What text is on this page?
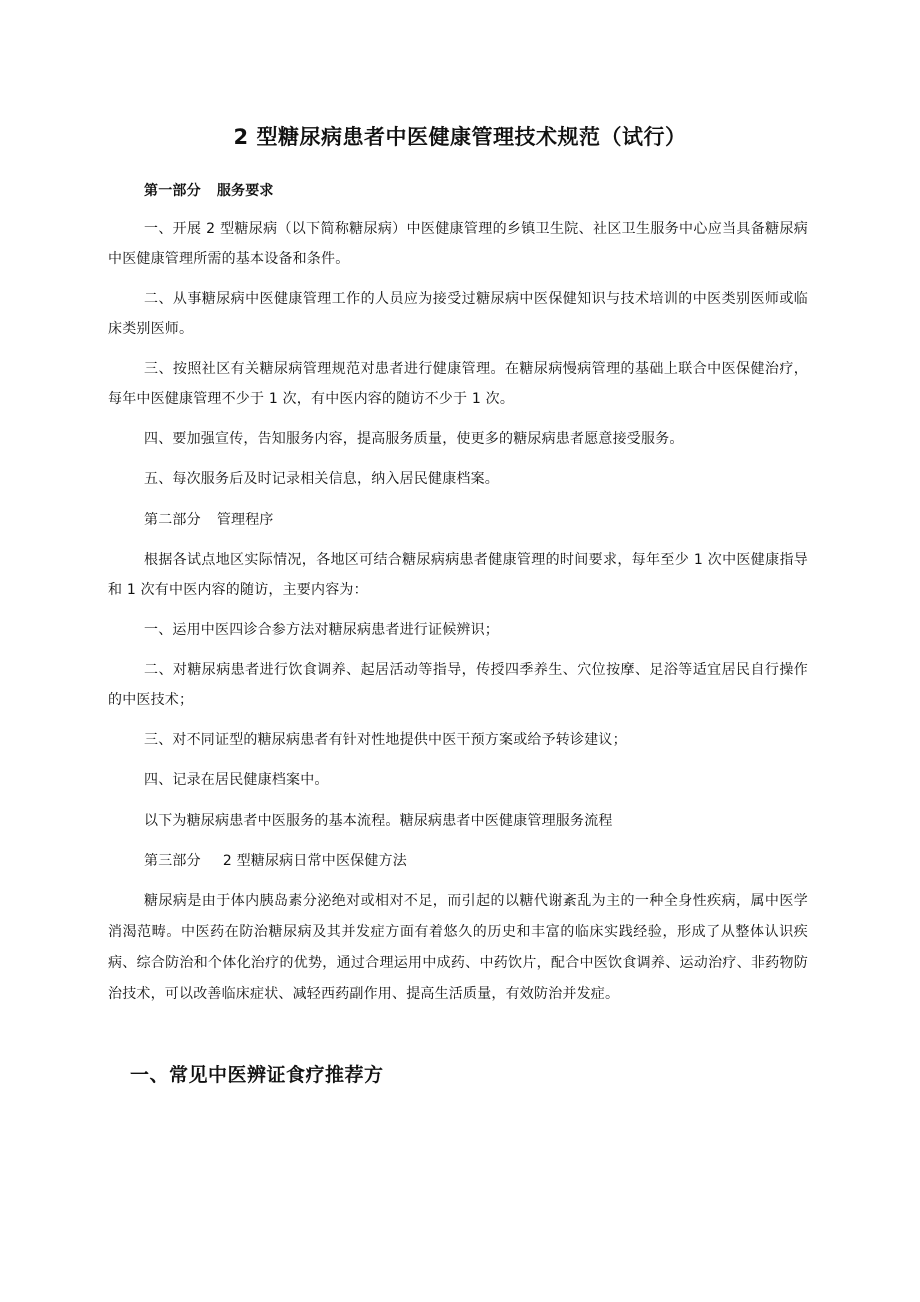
2 型糖尿病患者中医健康管理技术规范（试行）
第一部分 服务要求

一、开展 2 型糖尿病（以下简称糖尿病）中医健康管理的乡镇卫生院、社区卫生服务中心应当具备糖尿病中医健康管理所需的基本设备和条件。

二、从事糖尿病中医健康管理工作的人员应为接受过糖尿病中医保健知识与技术培训的中医类别医师或临床类别医师。

三、按照社区有关糖尿病管理规范对患者进行健康管理。在糖尿病慢病管理的基础上联合中医保健治疗，每年中医健康管理不少于 1 次，有中医内容的随访不少于 1 次。

四、要加强宣传，告知服务内容，提高服务质量，使更多的糖尿病患者愿意接受服务。

五、每次服务后及时记录相关信息，纳入居民健康档案。

第二部分 管理程序

根据各试点地区实际情况，各地区可结合糖尿病病患者健康管理的时间要求，每年至少 1 次中医健康指导和 1 次有中医内容的随访，主要内容为：

一、运用中医四诊合参方法对糖尿病患者进行证候辨识；

二、对糖尿病患者进行饮食调养、起居活动等指导，传授四季养生、穴位按摩、足浴等适宜居民自行操作的中医技术；

三、对不同证型的糖尿病患者有针对性地提供中医干预方案或给予转诊建议；

四、记录在居民健康档案中。

以下为糖尿病患者中医服务的基本流程。糖尿病患者中医健康管理服务流程

第三部分 2 型糖尿病日常中医保健方法

糖尿病是由于体内胰岛素分泌绝对或相对不足，而引起的以糖代谢紊乱为主的一种全身性疾病，属中医学消渴范畴。中医药在防治糖尿病及其并发症方面有着悠久的历史和丰富的临床实践经验，形成了从整体认识疾病、综合防治和个体化治疗的优势，通过合理运用中成药、中药饮片，配合中医饮食调养、运动治疗、非药物防治技术，可以改善临床症状、减轻西药副作用、提高生活质量，有效防治并发症。

一、常见中医辨证食疗推荐方
